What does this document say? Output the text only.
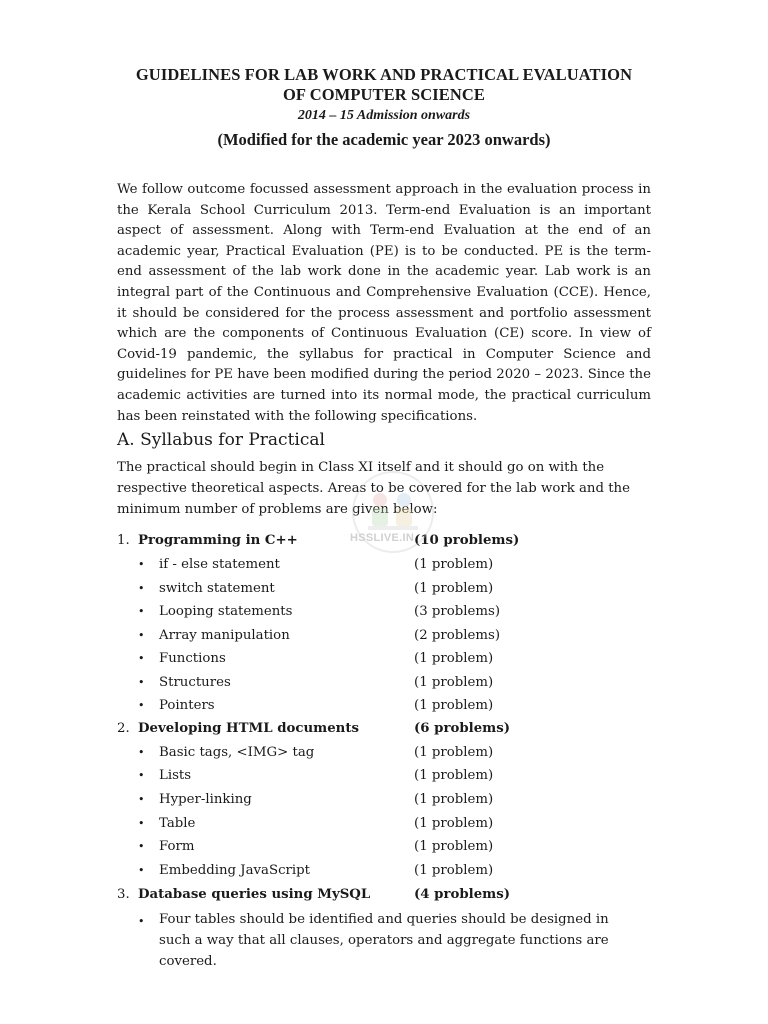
GUIDELINES FOR LAB WORK AND PRACTICAL EVALUATION
OF COMPUTER SCIENCE
2014 – 15 Admission onwards
(Modified for the academic year 2023 onwards)

We follow outcome focussed assessment approach in the evaluation process in the Kerala School Curriculum 2013. Term-end Evaluation is an important aspect of assessment. Along with Term-end Evaluation at the end of an academic year, Practical Evaluation (PE) is to be conducted. PE is the term-end assessment of the lab work done in the academic year. Lab work is an integral part of the Continuous and Comprehensive Evaluation (CCE). Hence, it should be considered for the process assessment and portfolio assessment which are the components of Continuous Evaluation (CE) score. In view of Covid-19 pandemic, the syllabus for practical in Computer Science and guidelines for PE have been modified during the period 2020 – 2023. Since the academic activities are turned into its normal mode, the practical curriculum has been reinstated with the following specifications.

A. Syllabus for Practical

The practical should begin in Class XI itself and it should go on with the respective theoretical aspects. Areas to be covered for the lab work and the minimum number of problems are given below:

1. Programming in C++	(10 problems)
• if - else statement	(1 problem)
• switch statement	(1 problem)
• Looping statements	(3 problems)
• Array manipulation	(2 problems)
• Functions	(1 problem)
• Structures	(1 problem)
• Pointers	(1 problem)
2. Developing HTML documents	(6 problems)
• Basic tags, <IMG> tag	(1 problem)
• Lists	(1 problem)
• Hyper-linking	(1 problem)
• Table	(1 problem)
• Form	(1 problem)
• Embedding JavaScript	(1 problem)
3. Database queries using MySQL	(4 problems)
• Four tables should be identified and queries should be designed in such a way that all clauses, operators and aggregate functions are covered.
HSSLIVE.IN
